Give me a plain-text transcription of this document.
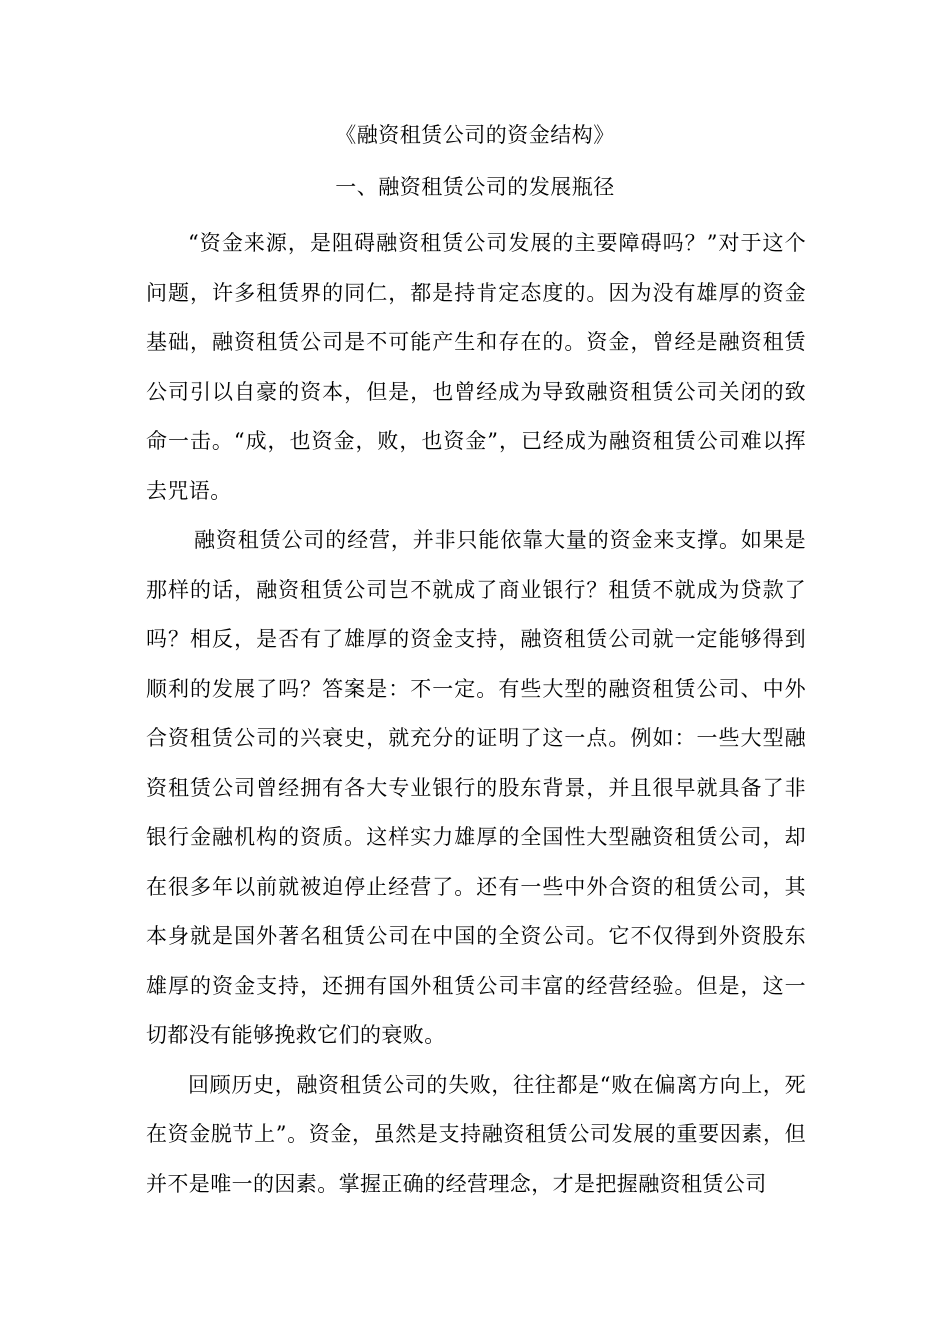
《融资租赁公司的资金结构》
一、融资租赁公司的发展瓶径

“资金来源，是阻碍融资租赁公司发展的主要障碍吗？”对于这个问题，许多租赁界的同仁，都是持肯定态度的。因为没有雄厚的资金基础，融资租赁公司是不可能产生和存在的。资金，曾经是融资租赁公司引以自豪的资本，但是，也曾经成为导致融资租赁公司关闭的致命一击。“成，也资金，败，也资金”，已经成为融资租赁公司难以挥去咒语。

融资租赁公司的经营，并非只能依靠大量的资金来支撑。如果是那样的话，融资租赁公司岂不就成了商业银行？租赁不就成为贷款了吗？相反，是否有了雄厚的资金支持，融资租赁公司就一定能够得到顺利的发展了吗？答案是：不一定。有些大型的融资租赁公司、中外合资租赁公司的兴衰史，就充分的证明了这一点。例如：一些大型融资租赁公司曾经拥有各大专业银行的股东背景，并且很早就具备了非银行金融机构的资质。这样实力雄厚的全国性大型融资租赁公司，却在很多年以前就被迫停止经营了。还有一些中外合资的租赁公司，其本身就是国外著名租赁公司在中国的全资公司。它不仅得到外资股东雄厚的资金支持，还拥有国外租赁公司丰富的经营经验。但是，这一切都没有能够挽救它们的衰败。

回顾历史，融资租赁公司的失败，往往都是“败在偏离方向上，死在资金脱节上”。资金，虽然是支持融资租赁公司发展的重要因素，但并不是唯一的因素。掌握正确的经营理念，才是把握融资租赁公司
